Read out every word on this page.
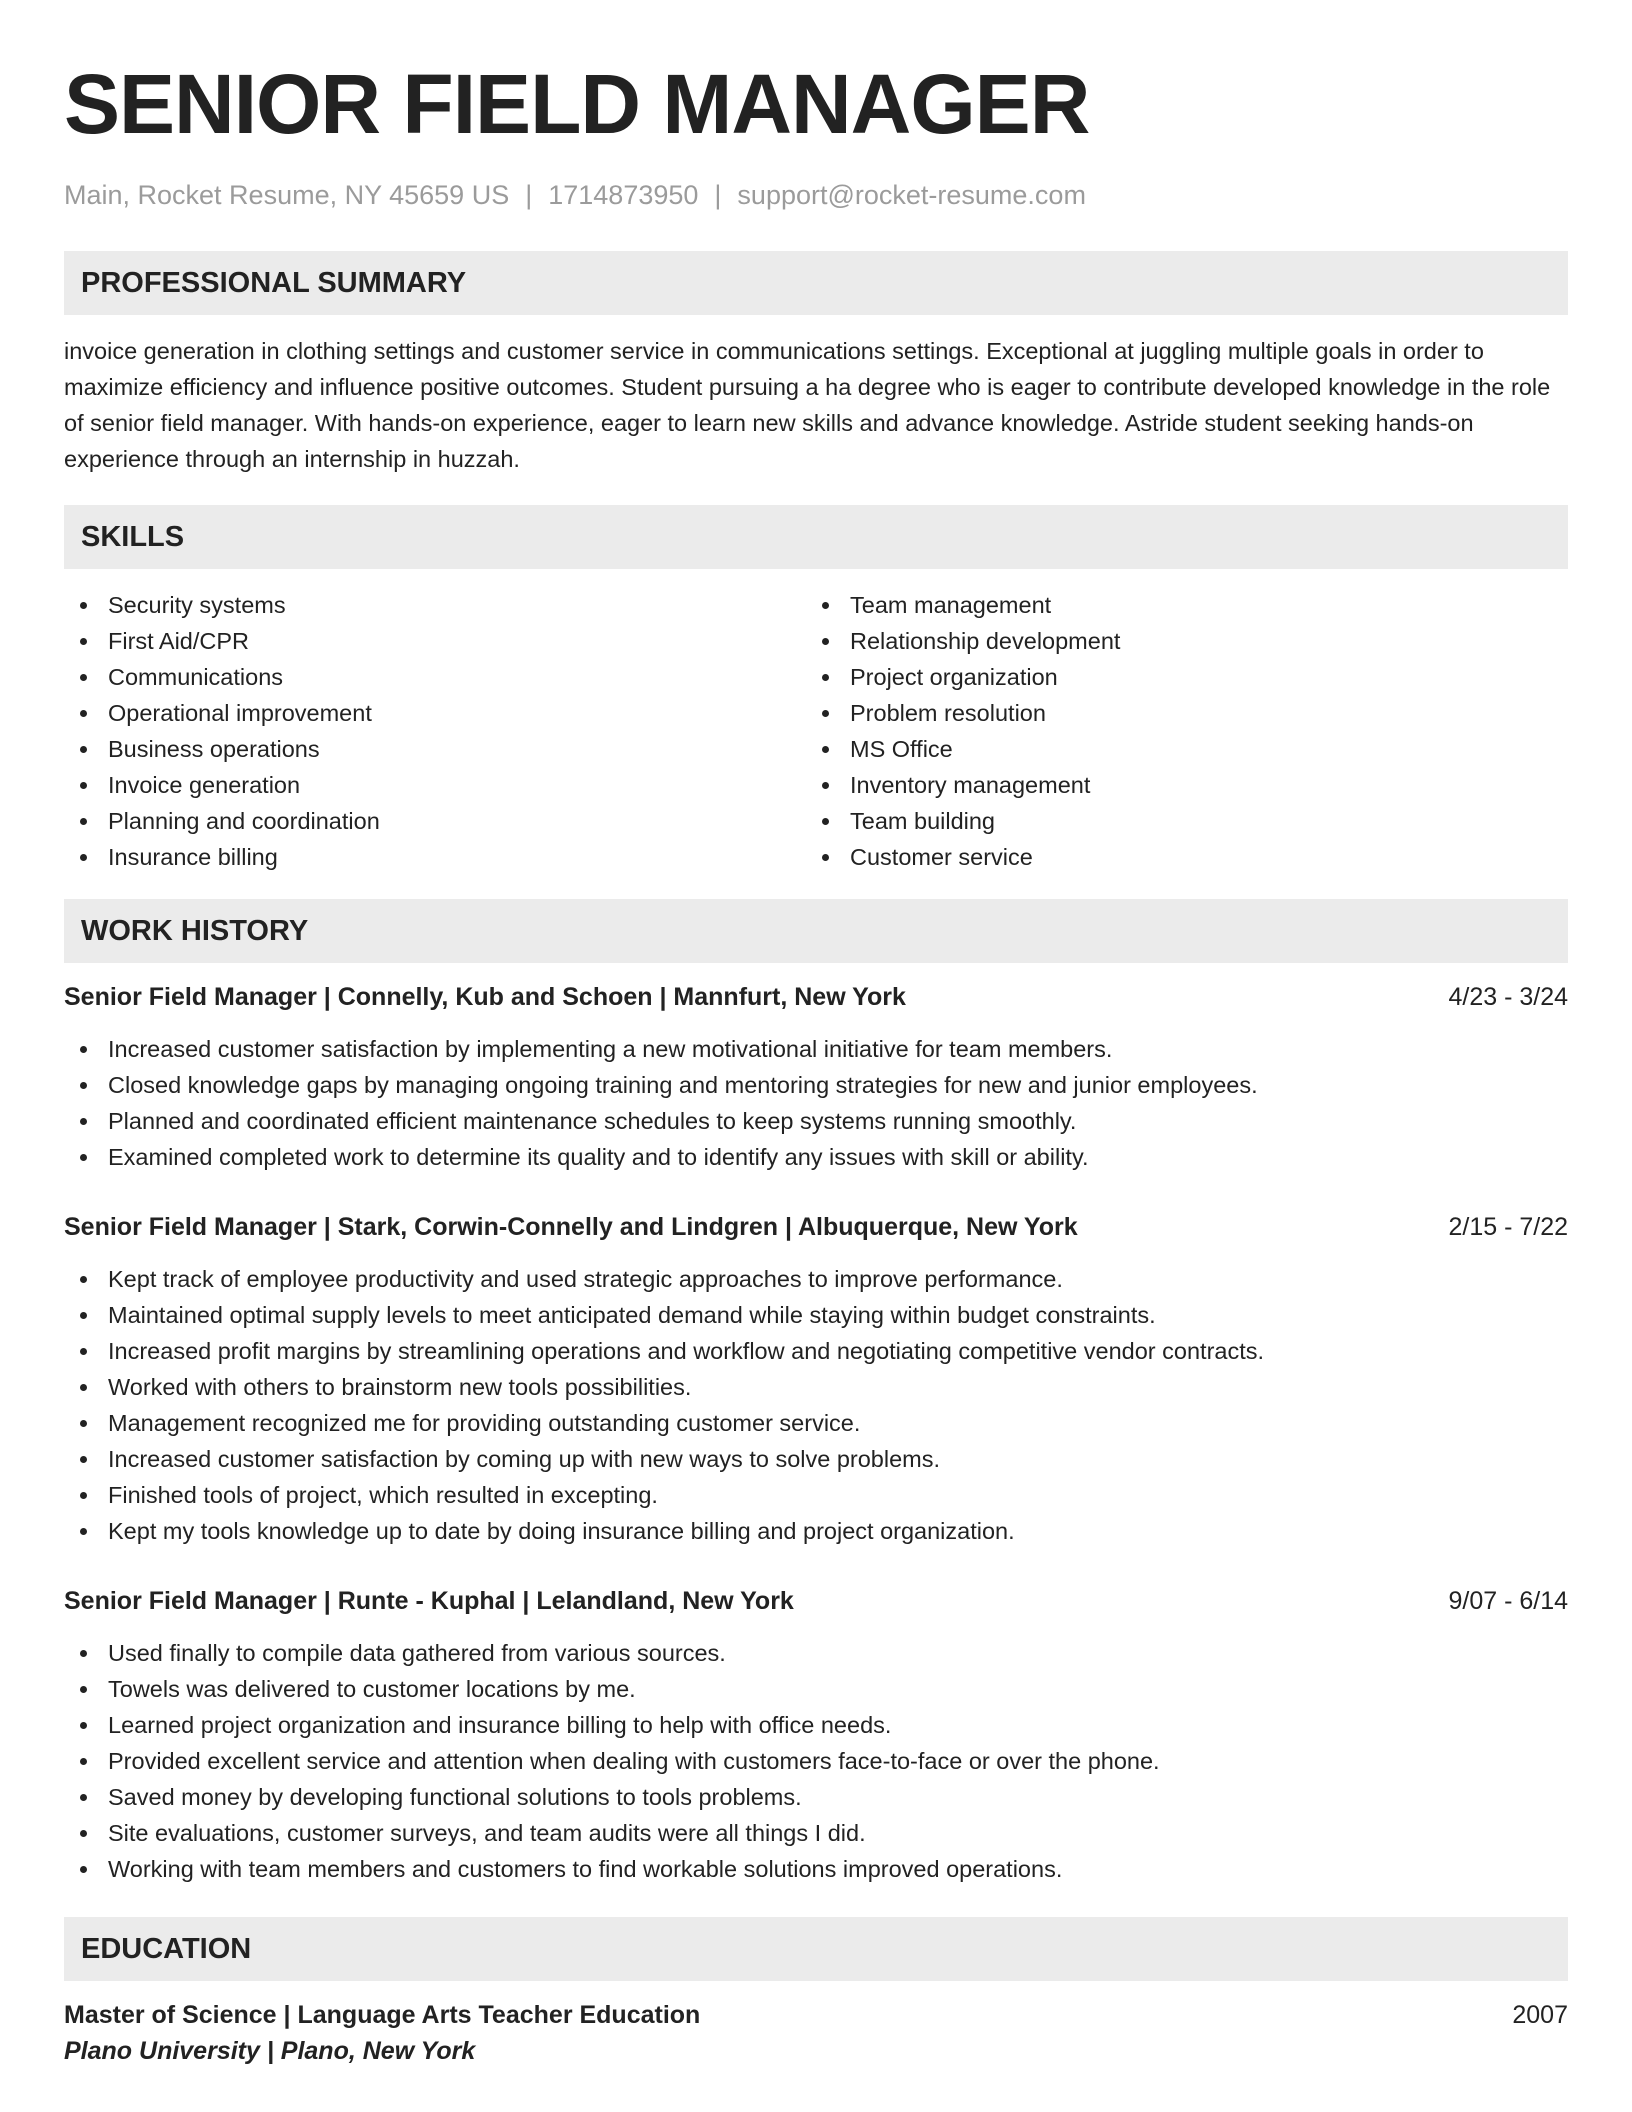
SENIOR FIELD MANAGER
Main, Rocket Resume, NY 45659 US | 1714873950 | support@rocket-resume.com
PROFESSIONAL SUMMARY

invoice generation in clothing settings and customer service in communications settings. Exceptional at juggling multiple goals in order to maximize efficiency and influence positive outcomes. Student pursuing a ha degree who is eager to contribute developed knowledge in the role of senior field manager. With hands-on experience, eager to learn new skills and advance knowledge. Astride student seeking hands-on experience through an internship in huzzah.

SKILLS
Security systems
First Aid/CPR
Communications
Operational improvement
Business operations
Invoice generation
Planning and coordination
Insurance billing
Team management
Relationship development
Project organization
Problem resolution
MS Office
Inventory management
Team building
Customer service
WORK HISTORY
Senior Field Manager | Connelly, Kub and Schoen | Mannfurt, New York	4/23 - 3/24
Increased customer satisfaction by implementing a new motivational initiative for team members.
Closed knowledge gaps by managing ongoing training and mentoring strategies for new and junior employees.
Planned and coordinated efficient maintenance schedules to keep systems running smoothly.
Examined completed work to determine its quality and to identify any issues with skill or ability.
Senior Field Manager | Stark, Corwin-Connelly and Lindgren | Albuquerque, New York	2/15 - 7/22
Kept track of employee productivity and used strategic approaches to improve performance.
Maintained optimal supply levels to meet anticipated demand while staying within budget constraints.
Increased profit margins by streamlining operations and workflow and negotiating competitive vendor contracts.
Worked with others to brainstorm new tools possibilities.
Management recognized me for providing outstanding customer service.
Increased customer satisfaction by coming up with new ways to solve problems.
Finished tools of project, which resulted in excepting.
Kept my tools knowledge up to date by doing insurance billing and project organization.
Senior Field Manager | Runte - Kuphal | Lelandland, New York	9/07 - 6/14
Used finally to compile data gathered from various sources.
Towels was delivered to customer locations by me.
Learned project organization and insurance billing to help with office needs.
Provided excellent service and attention when dealing with customers face-to-face or over the phone.
Saved money by developing functional solutions to tools problems.
Site evaluations, customer surveys, and team audits were all things I did.
Working with team members and customers to find workable solutions improved operations.
EDUCATION
Master of Science | Language Arts Teacher Education	2007
Plano University | Plano, New York
